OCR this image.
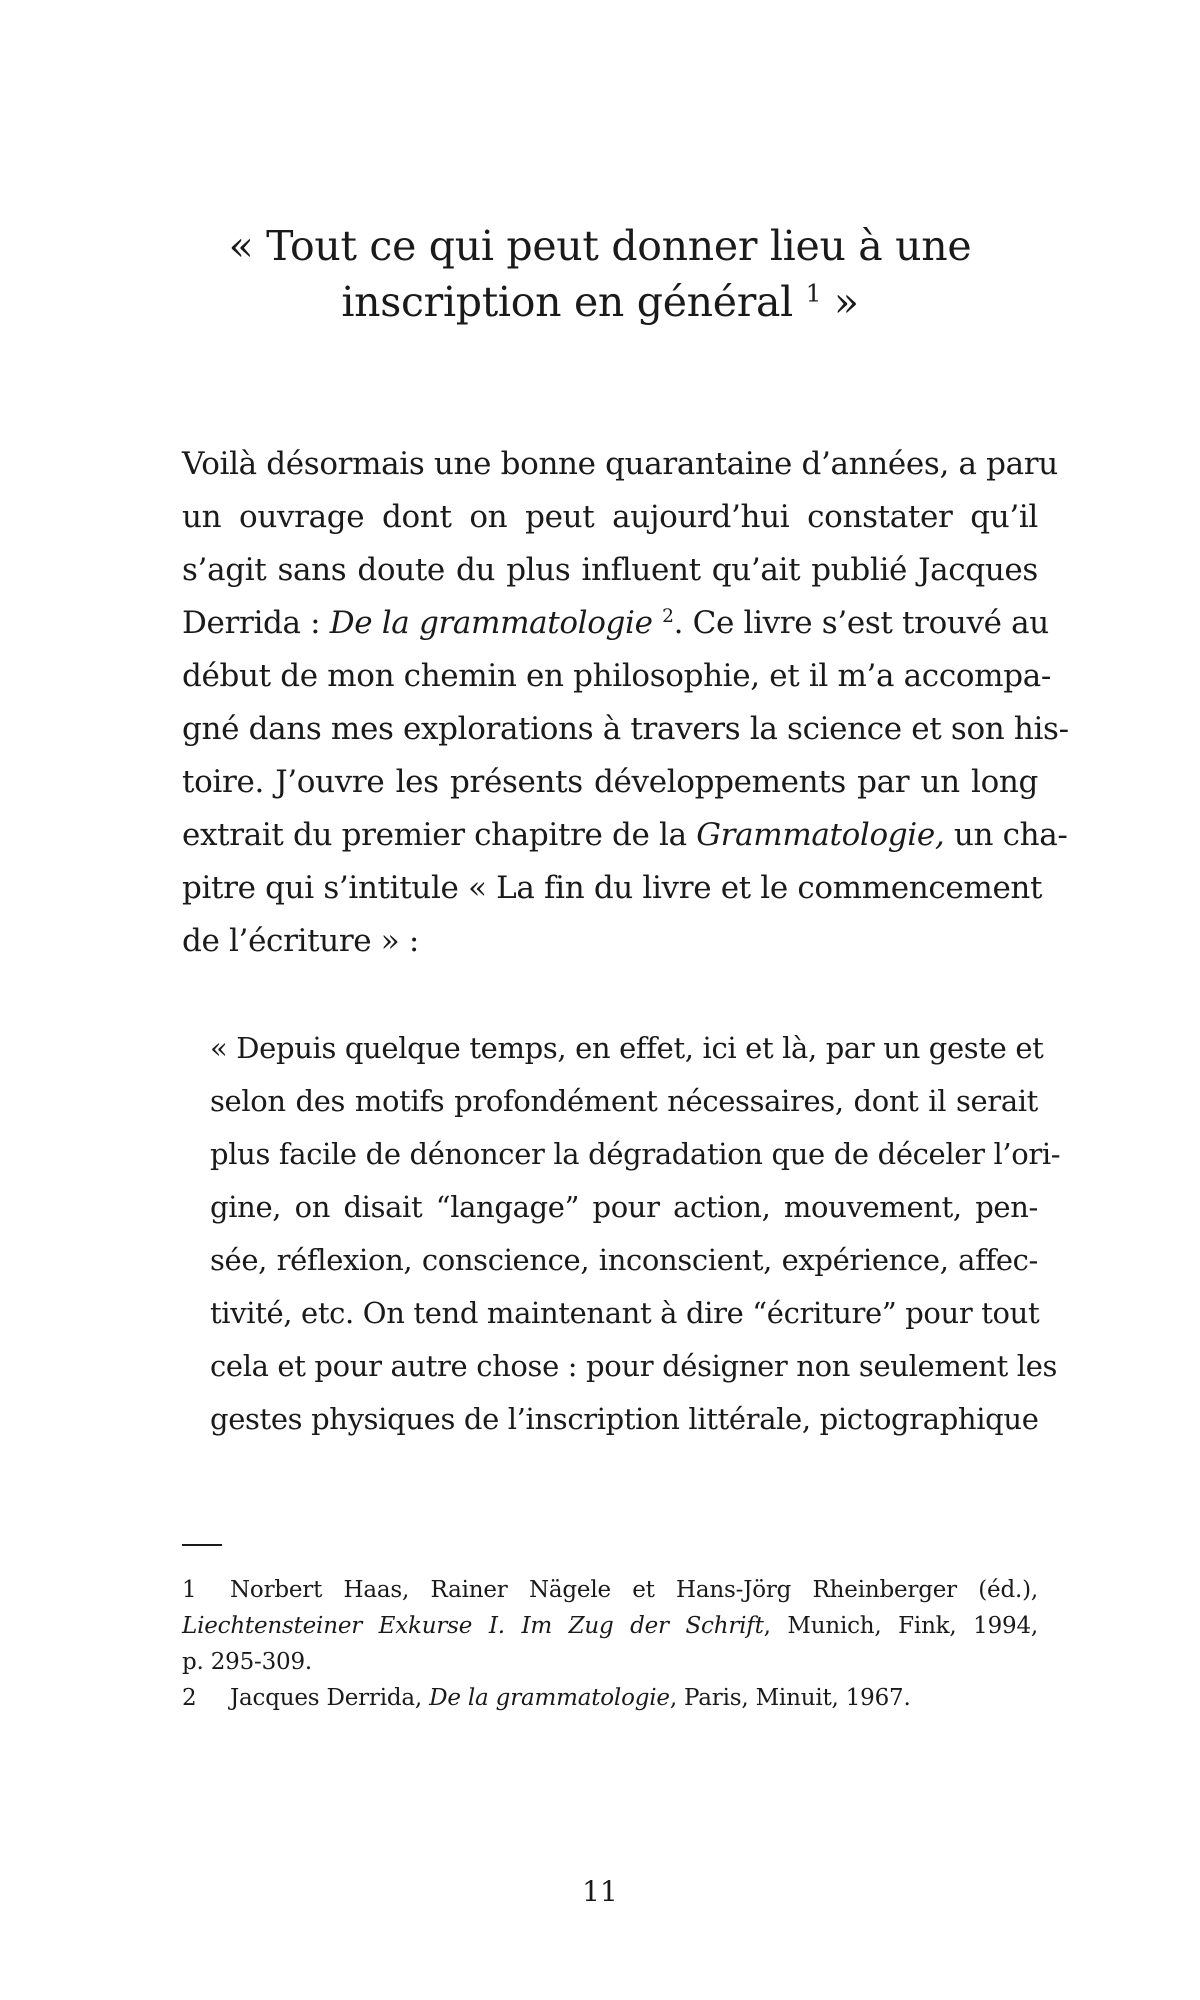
« Tout ce qui peut donner lieu à une
inscription en général $^1$ »
Voilà désormais une bonne quarantaine d’années, a paru
un ouvrage dont on peut aujourd’hui constater qu’il
s’agit sans doute du plus influent qu’ait publié Jacques
Derrida : De la grammatologie $^2$. Ce livre s’est trouvé au
début de mon chemin en philosophie, et il m’a accompa-
gné dans mes explorations à travers la science et son his-
toire. J’ouvre les présents développements par un long
extrait du premier chapitre de la Grammatologie, un cha-
pitre qui s’intitule « La fin du livre et le commencement
de l’écriture » :
« Depuis quelque temps, en effet, ici et là, par un geste et
selon des motifs profondément nécessaires, dont il serait
plus facile de dénoncer la dégradation que de déceler l’ori-
gine, on disait “langage” pour action, mouvement, pen-
sée, réflexion, conscience, inconscient, expérience, affec-
tivité, etc. On tend maintenant à dire “écriture” pour tout
cela et pour autre chose : pour désigner non seulement les
gestes physiques de l’inscription littérale, pictographique
1 Norbert Haas, Rainer Nägele et Hans-Jörg Rheinberger (éd.),
Liechtensteiner Exkurse I. Im Zug der Schrift, Munich, Fink, 1994,
p. 295-309.
2 Jacques Derrida, De la grammatologie, Paris, Minuit, 1967.
11
